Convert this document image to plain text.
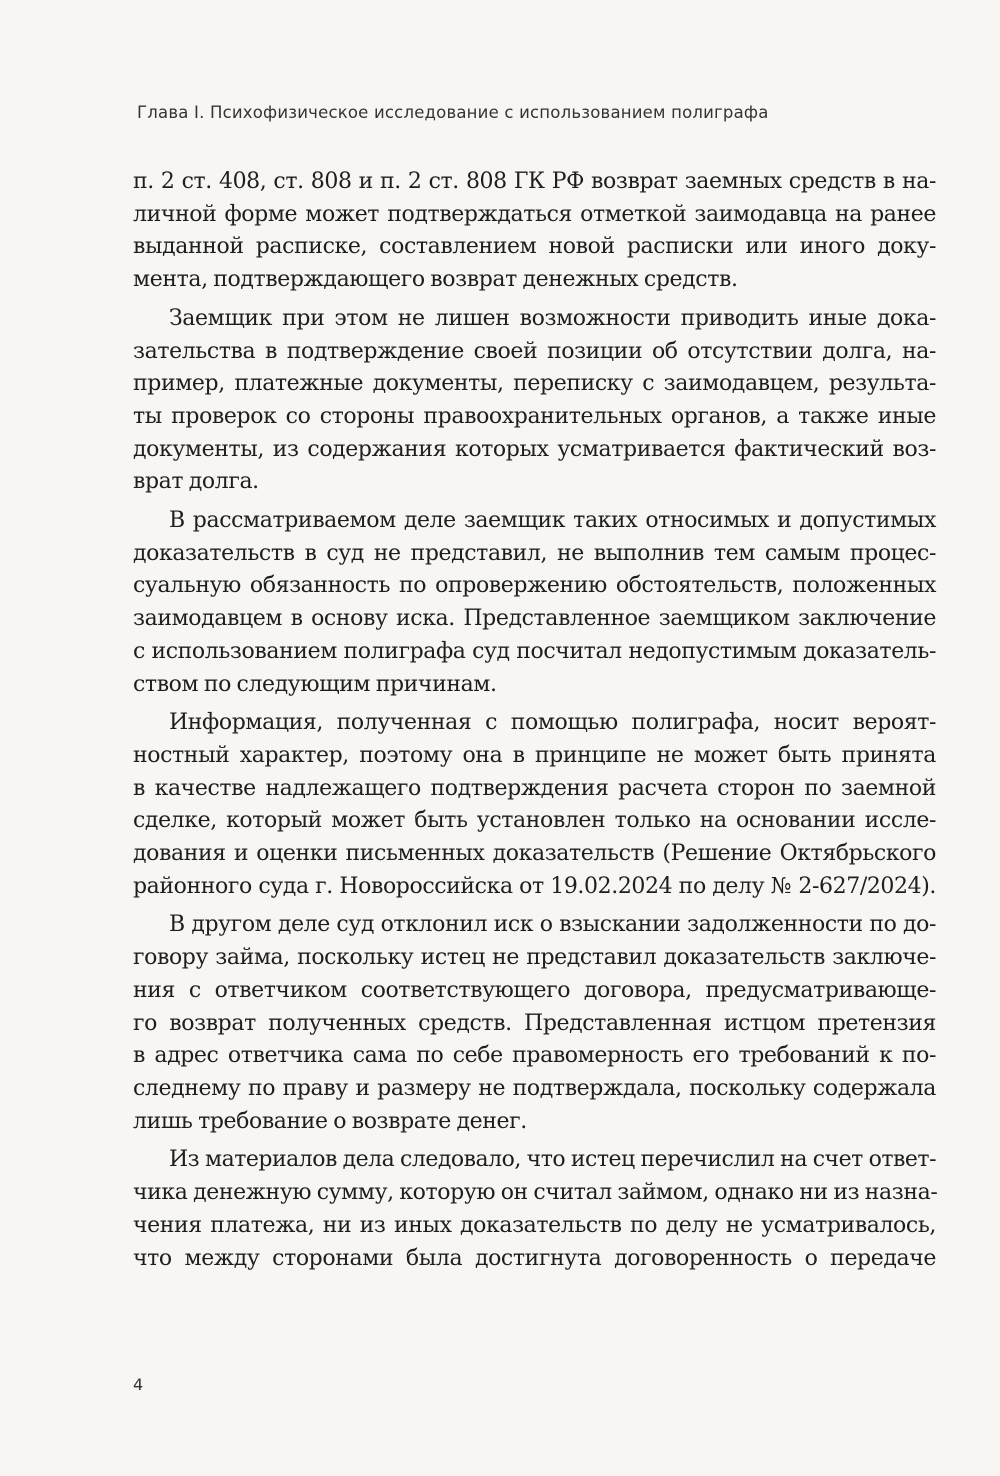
Глава I. Психофизическое исследование с использованием полиграфа
п. 2 ст. 408, ст. 808 и п. 2 ст. 808 ГК РФ возврат заемных средств в на-
личной форме может подтверждаться отметкой заимодавца на ранее
выданной расписке, составлением новой расписки или иного доку-
мента, подтверждающего возврат денежных средств.
Заемщик при этом не лишен возможности приводить иные дока-
зательства в подтверждение своей позиции об отсутствии долга, на-
пример, платежные документы, переписку с заимодавцем, результа-
ты проверок со стороны правоохранительных органов, а также иные
документы, из содержания которых усматривается фактический воз-
врат долга.
В рассматриваемом деле заемщик таких относимых и допустимых
доказательств в суд не представил, не выполнив тем самым процес-
суальную обязанность по опровержению обстоятельств, положенных
заимодавцем в основу иска. Представленное заемщиком заключение
с использованием полиграфа суд посчитал недопустимым доказатель-
ством по следующим причинам.
Информация, полученная с помощью полиграфа, носит вероят-
ностный характер, поэтому она в принципе не может быть принята
в качестве надлежащего подтверждения расчета сторон по заемной
сделке, который может быть установлен только на основании иссле-
дования и оценки письменных доказательств (Решение Октябрьского
районного суда г. Новороссийска от 19.02.2024 по делу № 2-627/2024).
В другом деле суд отклонил иск о взыскании задолженности по до-
говору займа, поскольку истец не представил доказательств заключе-
ния с ответчиком соответствующего договора, предусматривающе-
го возврат полученных средств. Представленная истцом претензия
в адрес ответчика сама по себе правомерность его требований к по-
следнему по праву и размеру не подтверждала, поскольку содержала
лишь требование о возврате денег.
Из материалов дела следовало, что истец перечислил на счет ответ-
чика денежную сумму, которую он считал займом, однако ни из назна-
чения платежа, ни из иных доказательств по делу не усматривалось,
что между сторонами была достигнута договоренность о передаче
4
